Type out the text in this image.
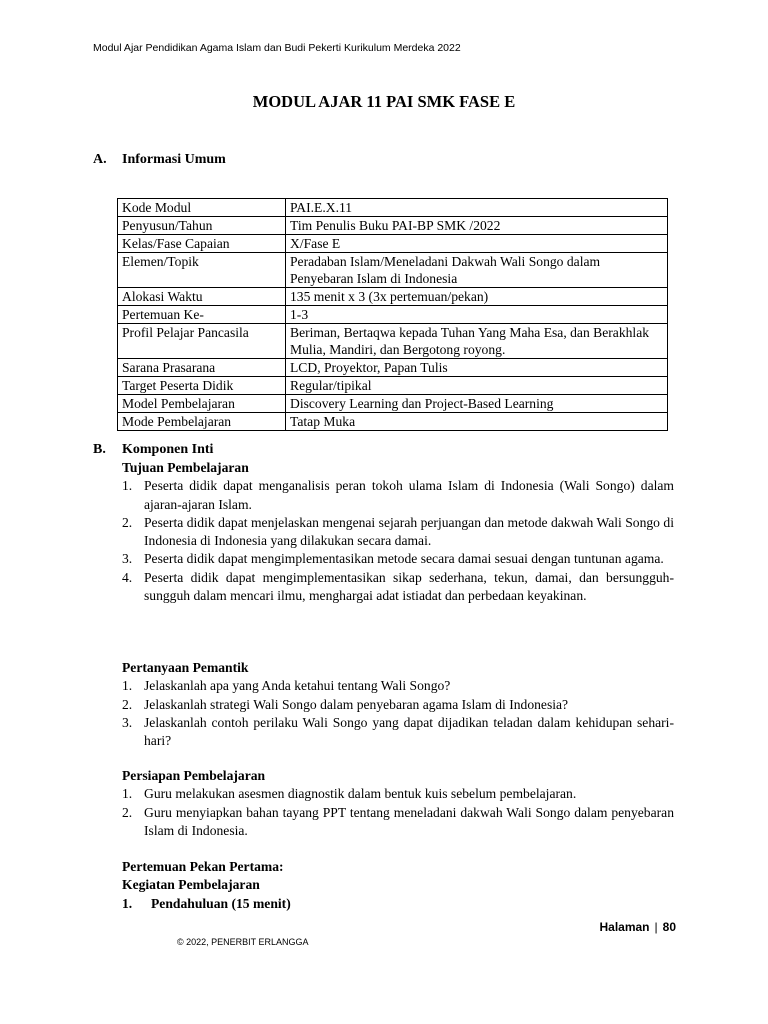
Modul Ajar Pendidikan Agama Islam dan Budi Pekerti Kurikulum Merdeka 2022
MODUL AJAR 11 PAI SMK FASE E
A. Informasi Umum
Kode Modul	PAI.E.X.11
Penyusun/Tahun	Tim Penulis Buku PAI-BP SMK /2022
Kelas/Fase Capaian	X/Fase E
Elemen/Topik	Peradaban Islam/Meneladani Dakwah Wali Songo dalam Penyebaran Islam di Indonesia
Alokasi Waktu	135 menit x 3 (3x pertemuan/pekan)
Pertemuan Ke-	1-3
Profil Pelajar Pancasila	Beriman, Bertaqwa kepada Tuhan Yang Maha Esa, dan Berakhlak Mulia, Mandiri, dan Bergotong royong.
Sarana Prasarana	LCD, Proyektor, Papan Tulis
Target Peserta Didik	Regular/tipikal
Model Pembelajaran	Discovery Learning dan Project-Based Learning
Mode Pembelajaran	Tatap Muka
B. Komponen Inti
Tujuan Pembelajaran
1. Peserta didik dapat menganalisis peran tokoh ulama Islam di Indonesia (Wali Songo) dalam ajaran-ajaran Islam.
2. Peserta didik dapat menjelaskan mengenai sejarah perjuangan dan metode dakwah Wali Songo di Indonesia di Indonesia yang dilakukan secara damai.
3. Peserta didik dapat mengimplementasikan metode secara damai sesuai dengan tuntunan agama.
4. Peserta didik dapat mengimplementasikan sikap sederhana, tekun, damai, dan bersungguh-sungguh dalam mencari ilmu, menghargai adat istiadat dan perbedaan keyakinan.
Pertanyaan Pemantik
1. Jelaskanlah apa yang Anda ketahui tentang Wali Songo?
2. Jelaskanlah strategi Wali Songo dalam penyebaran agama Islam di Indonesia?
3. Jelaskanlah contoh perilaku Wali Songo yang dapat dijadikan teladan dalam kehidupan sehari-hari?
Persiapan Pembelajaran
1. Guru melakukan asesmen diagnostik dalam bentuk kuis sebelum pembelajaran.
2. Guru menyiapkan bahan tayang PPT tentang meneladani dakwah Wali Songo dalam penyebaran Islam di Indonesia.
Pertemuan Pekan Pertama:
Kegiatan Pembelajaran
1. Pendahuluan (15 menit)
Halaman | 80
© 2022, PENERBIT ERLANGGA
